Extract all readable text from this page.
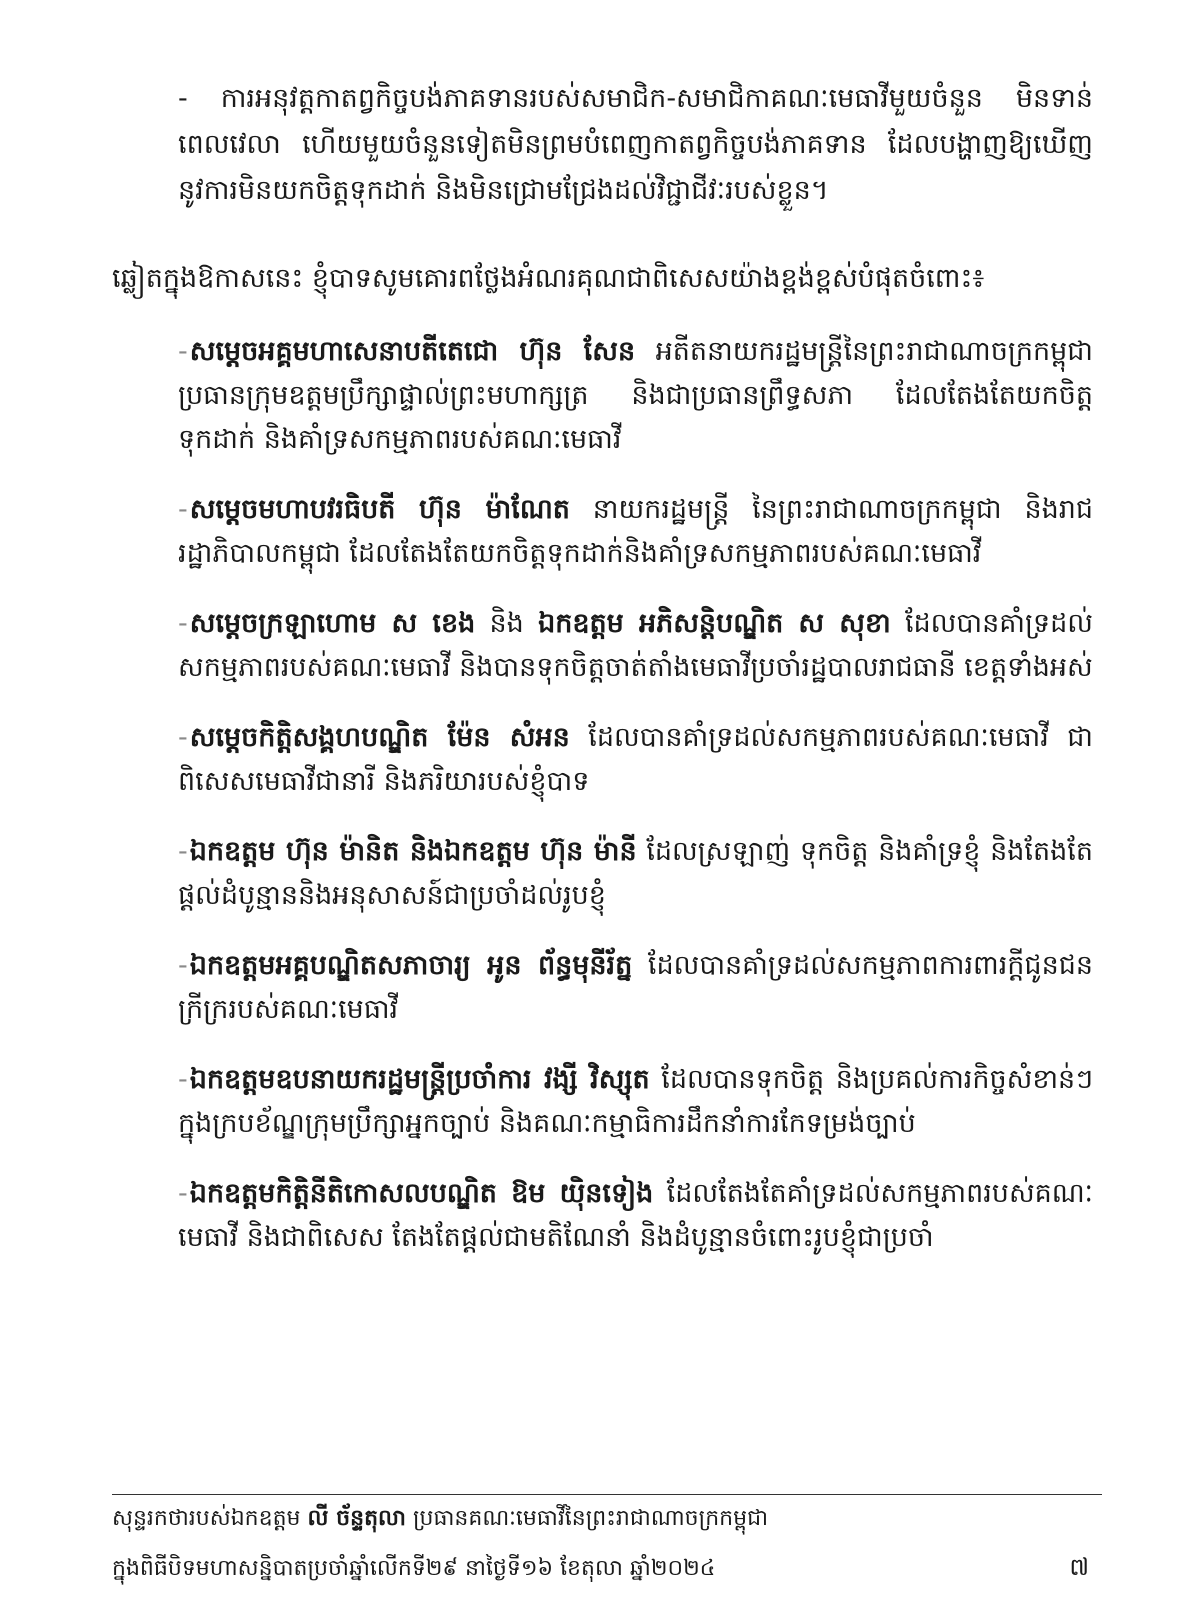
- ការអនុវត្តកាតព្វកិច្ចបង់ភាគទានរបស់សមាជិក-សមាជិកាគណៈមេធាវីមួយចំនួន មិនទាន់ពេលវេលា ហើយមួយចំនួនទៀតមិនព្រមបំពេញកាតព្វកិច្ចបង់ភាគទាន ដែលបង្ហាញឱ្យឃើញនូវការមិនយកចិត្តទុកដាក់ និងមិនជ្រោមជ្រែងដល់វិជ្ជាជីវៈរបស់ខ្លួន។

ឆ្លៀតក្នុងឱកាសនេះ ខ្ញុំបាទសូមគោរពថ្លែងអំណរគុណជាពិសេសយ៉ាងខ្ពង់ខ្ពស់បំផុតចំពោះ៖

-សម្តេចអគ្គមហាសេនាបតីតេជោ ហ៊ុន សែន អតីតនាយករដ្ឋមន្ត្រីនៃព្រះរាជាណាចក្រកម្ពុជា ប្រធានក្រុមឧត្តមប្រឹក្សាផ្ទាល់ព្រះមហាក្សត្រ និងជាប្រធានព្រឹទ្ធសភា ដែលតែងតែយកចិត្តទុកដាក់ និងគាំទ្រសកម្មភាពរបស់គណៈមេធាវី

-សម្តេចមហាបវរធិបតី ហ៊ុន ម៉ាណែត នាយករដ្ឋមន្ត្រី នៃព្រះរាជាណាចក្រកម្ពុជា និងរាជរដ្ឋាភិបាលកម្ពុជា ដែលតែងតែយកចិត្តទុកដាក់និងគាំទ្រសកម្មភាពរបស់គណៈមេធាវី

-សម្តេចក្រឡាហោម ស ខេង និង ឯកឧត្តម អភិសន្តិបណ្ឌិត ស សុខា ដែលបានគាំទ្រដល់សកម្មភាពរបស់គណៈមេធាវី និងបានទុកចិត្តចាត់តាំងមេធាវីប្រចាំរដ្ឋបាលរាជធានី ខេត្តទាំងអស់

-សម្តេចកិត្តិសង្គហបណ្ឌិត ម៉ែន សំអន ដែលបានគាំទ្រដល់សកម្មភាពរបស់គណៈមេធាវី ជាពិសេសមេធាវីជានារី និងភរិយារបស់ខ្ញុំបាទ

-ឯកឧត្តម ហ៊ុន ម៉ានិត និងឯកឧត្តម ហ៊ុន ម៉ានី ដែលស្រឡាញ់ ទុកចិត្ត និងគាំទ្រខ្ញុំ និងតែងតែផ្តល់ដំបូន្មាននិងអនុសាសន៍ជាប្រចាំដល់រូបខ្ញុំ

-ឯកឧត្តមអគ្គបណ្ឌិតសភាចារ្យ អូន ព័ន្ធមុនីរ័ត្ន ដែលបានគាំទ្រដល់សកម្មភាពការពារក្តីជូនជនក្រីក្ររបស់គណៈមេធាវី

-ឯកឧត្តមឧបនាយករដ្ឋមន្ត្រីប្រចាំការ វង្សី វិស្សុត ដែលបានទុកចិត្ត និងប្រគល់ការកិច្ចសំខាន់ៗក្នុងក្របខ័ណ្ឌក្រុមប្រឹក្សាអ្នកច្បាប់ និងគណៈកម្មាធិការដឹកនាំការកែទម្រង់ច្បាប់

-ឯកឧត្តមកិត្តិនីតិកោសលបណ្ឌិត ឱម យ៉ិនទៀង ដែលតែងតែគាំទ្រដល់សកម្មភាពរបស់គណៈមេធាវី និងជាពិសេស តែងតែផ្តល់ជាមតិណែនាំ និងដំបូន្មានចំពោះរូបខ្ញុំជាប្រចាំ

សុន្ទរកថារបស់ឯកឧត្តម លី ច័ន្ទតុលា ប្រធានគណៈមេធាវីនៃព្រះរាជាណាចក្រកម្ពុជា
ក្នុងពិធីបិទមហាសន្និបាតប្រចាំឆ្នាំលើកទី២៩ នាថ្ងៃទី១៦ ខែតុលា ឆ្នាំ២០២៤	៧
